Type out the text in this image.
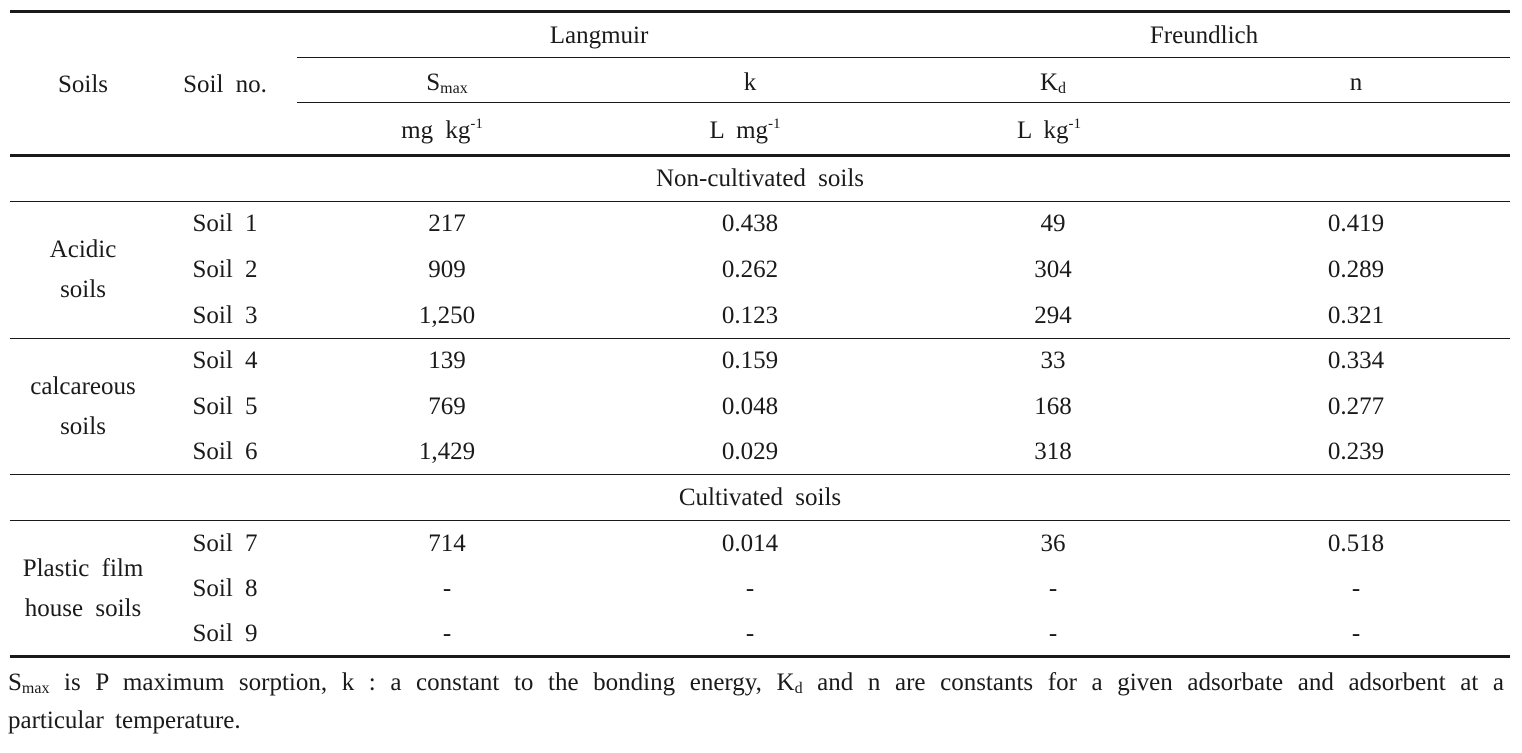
Soils	Soil no.
Langmuir	Freundlich
$S_{max}$	k	$K_d$	n
mg $kg^{-1}$	L $mg^{-1}$	L $kg^{-1}$
Non-cultivated soils
Acidic
soils
Soil 1	217	0.438	49	0.419
Soil 2	909	0.262	304	0.289
Soil 3	1,250	0.123	294	0.321
calcareous
soils
Soil 4	139	0.159	33	0.334
Soil 5	769	0.048	168	0.277
Soil 6	1,429	0.029	318	0.239
Cultivated soils
Plastic film
house soils
Soil 7	714	0.014	36	0.518
Soil 8	-	-	-	-
Soil 9	-	-	-	-
$S_{max}$ is P maximum sorption, k : a constant to the bonding energy, $K_d$ and n are constants for a given adsorbate and adsorbent at a particular temperature.
